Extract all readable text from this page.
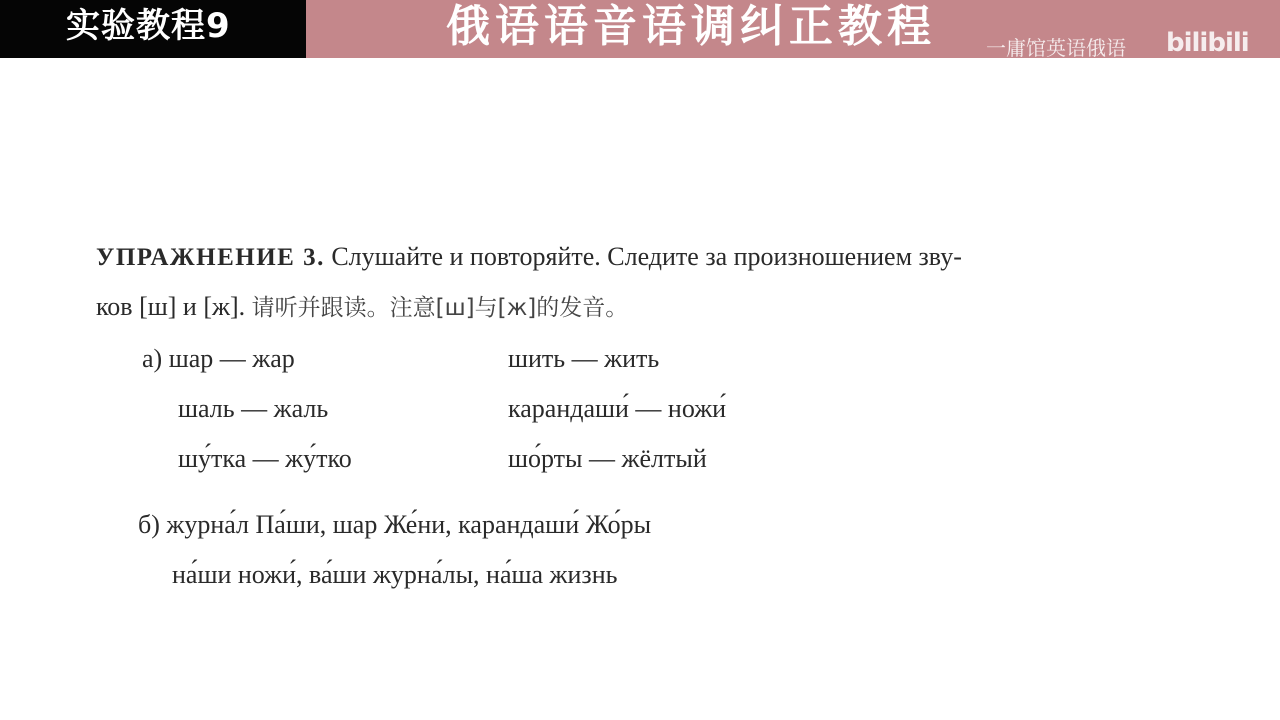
实验教程9	俄语语音语调纠正教程	一庸馆英语俄语 bilibili
УПРАЖНЕНИЕ 3. Слушайте и повторяйте. Следите за произношением зву-
ков [ш] и [ж]. 请听并跟读。注意[ш]与[ж]的发音。
а) шар — жар	шить — жить
шаль — жаль	карандаши́ — ножи́
шу́тка — жу́тко	шо́рты — жёлтый
б) журна́л Па́ши, шар Же́ни, карандаши́ Жо́ры
на́ши ножи́, ва́ши журна́лы, на́ша жизнь
